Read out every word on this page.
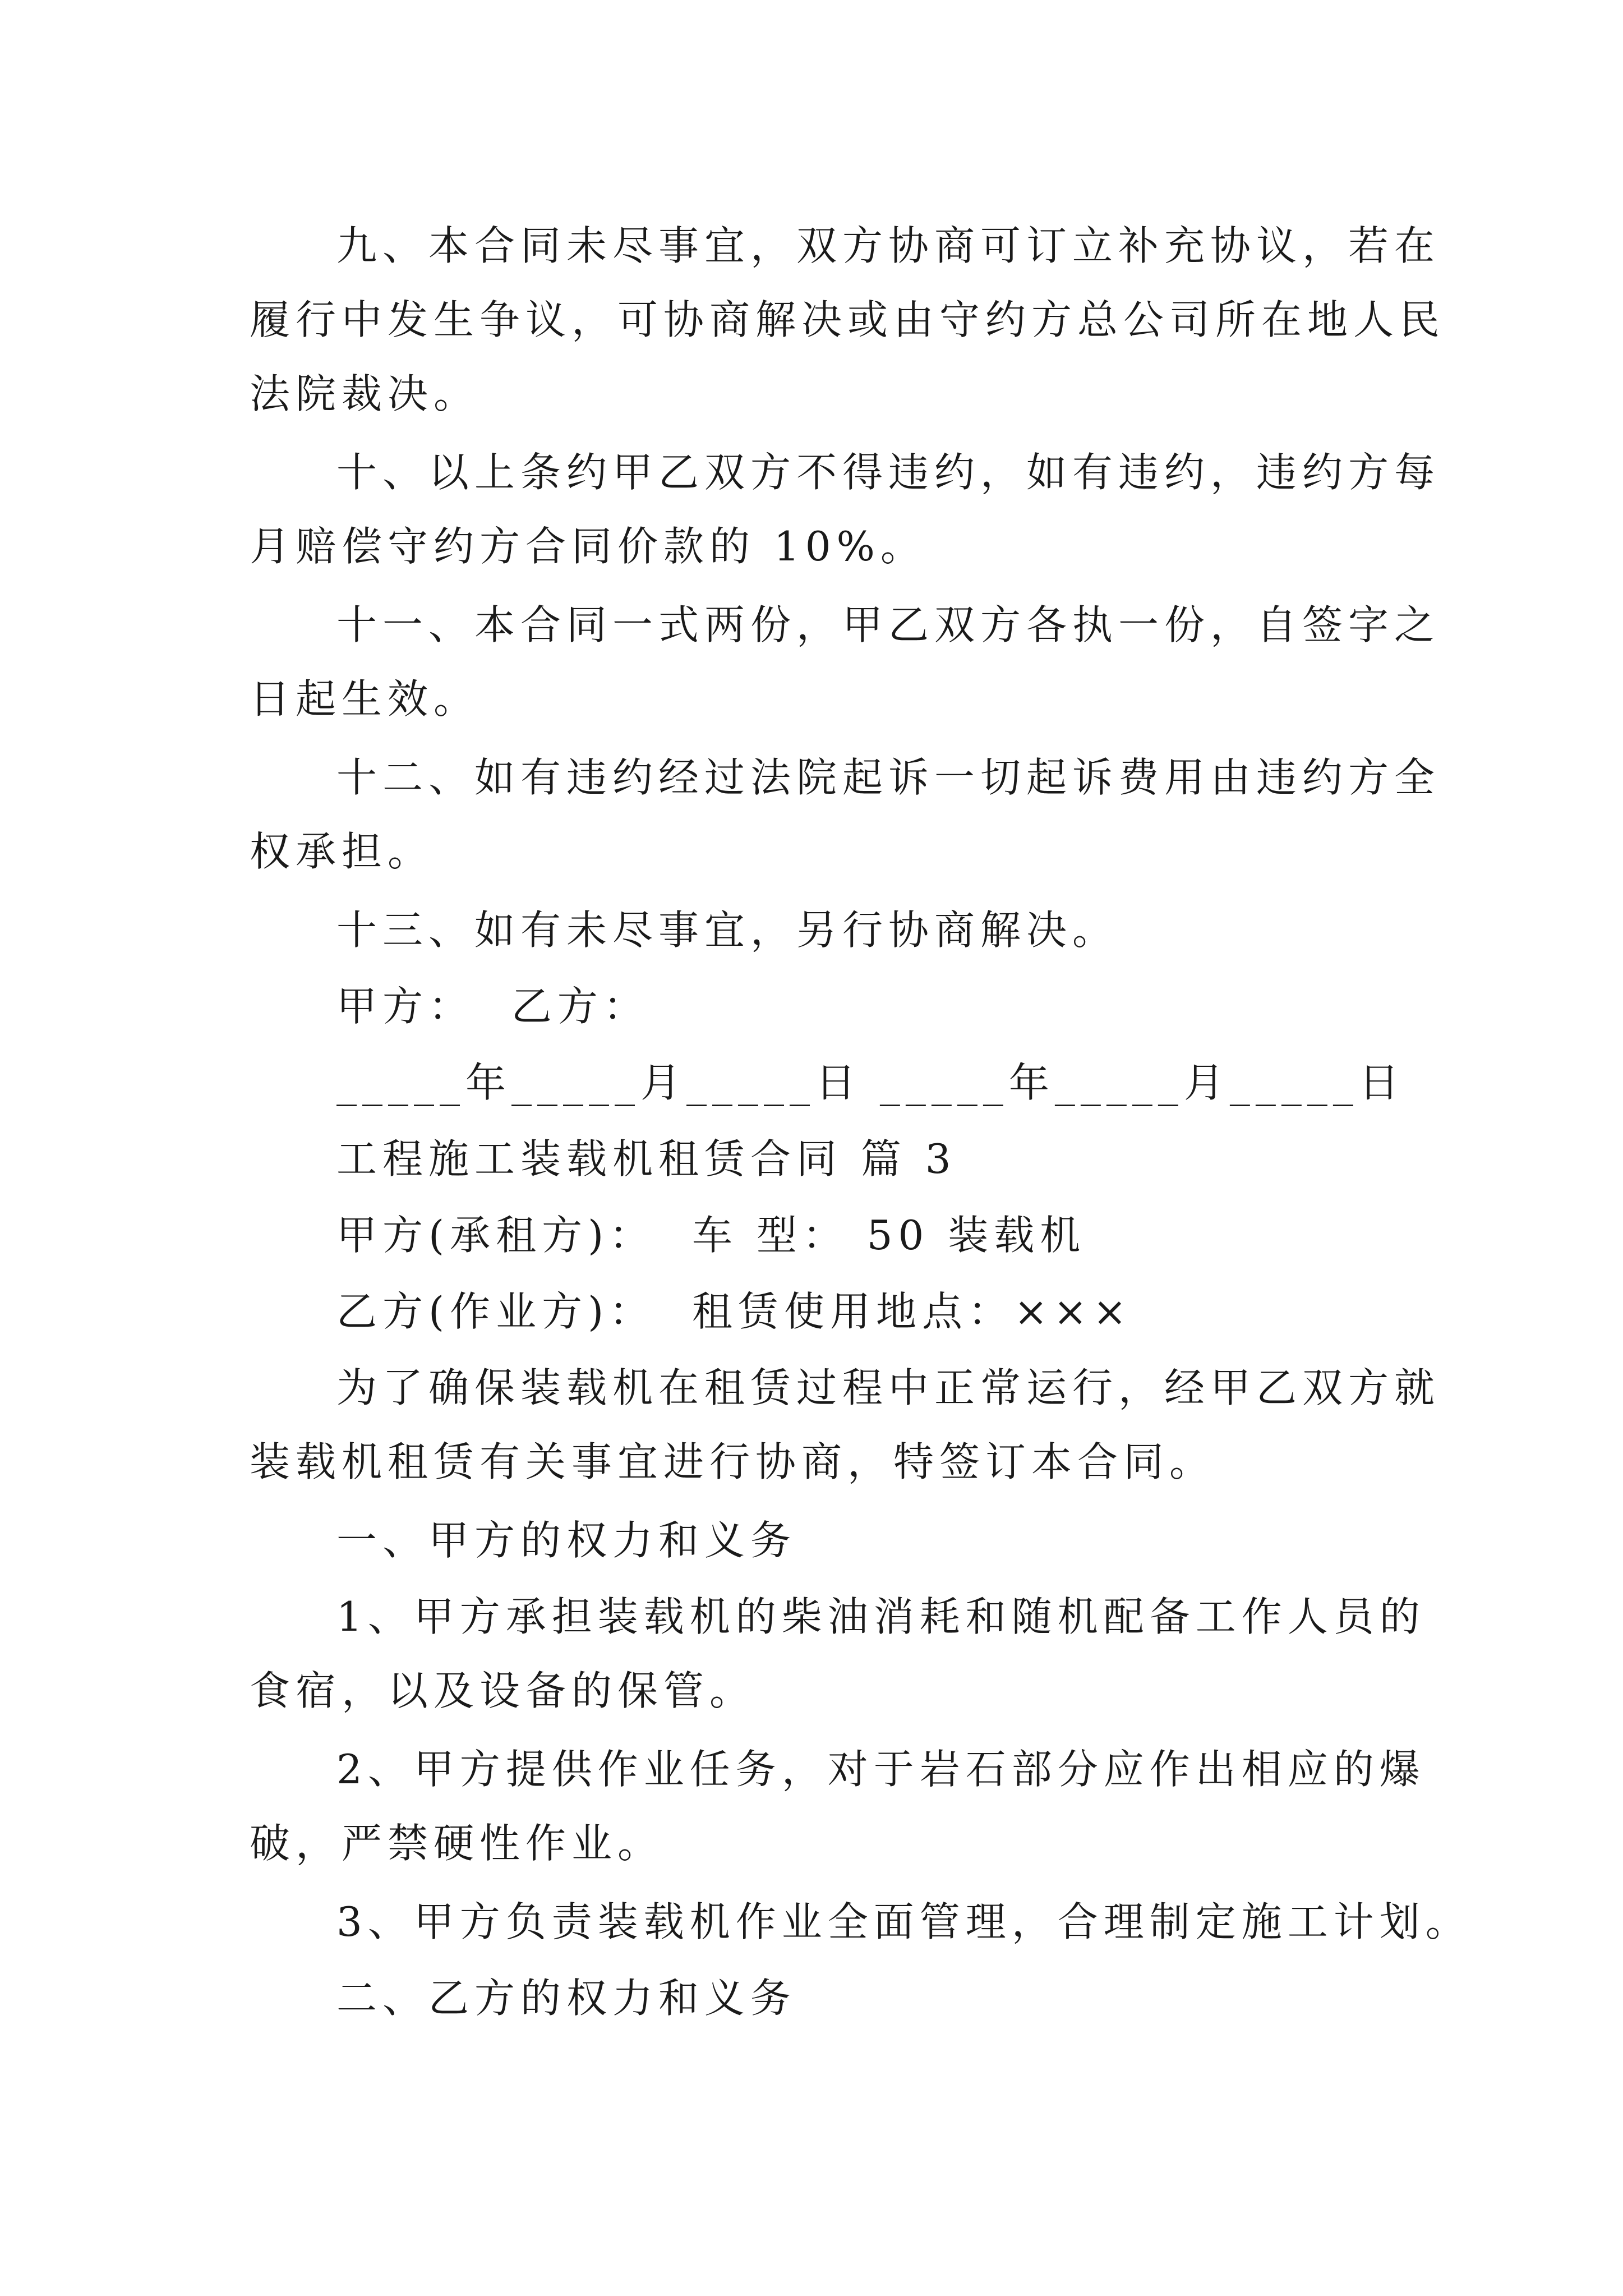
九、本合同未尽事宜，双方协商可订立补充协议，若在
履行中发生争议，可协商解决或由守约方总公司所在地人民
法院裁决。
十、以上条约甲乙双方不得违约，如有违约，违约方每
月赔偿守约方合同价款的 10%。
十一、本合同一式两份，甲乙双方各执一份，自签字之
日起生效。
十二、如有违约经过法院起诉一切起诉费用由违约方全
权承担。
十三、如有未尽事宜，另行协商解决。
甲方：  乙方：
_____年_____月_____日 _____年_____月_____日
工程施工装载机租赁合同 篇 3
甲方(承租方)：  车 型： 50 装载机
乙方(作业方)：  租赁使用地点：×××
为了确保装载机在租赁过程中正常运行，经甲乙双方就
装载机租赁有关事宜进行协商，特签订本合同。
一、甲方的权力和义务
1、甲方承担装载机的柴油消耗和随机配备工作人员的
食宿，以及设备的保管。
2、甲方提供作业任务，对于岩石部分应作出相应的爆
破，严禁硬性作业。
3、甲方负责装载机作业全面管理，合理制定施工计划。
二、乙方的权力和义务
